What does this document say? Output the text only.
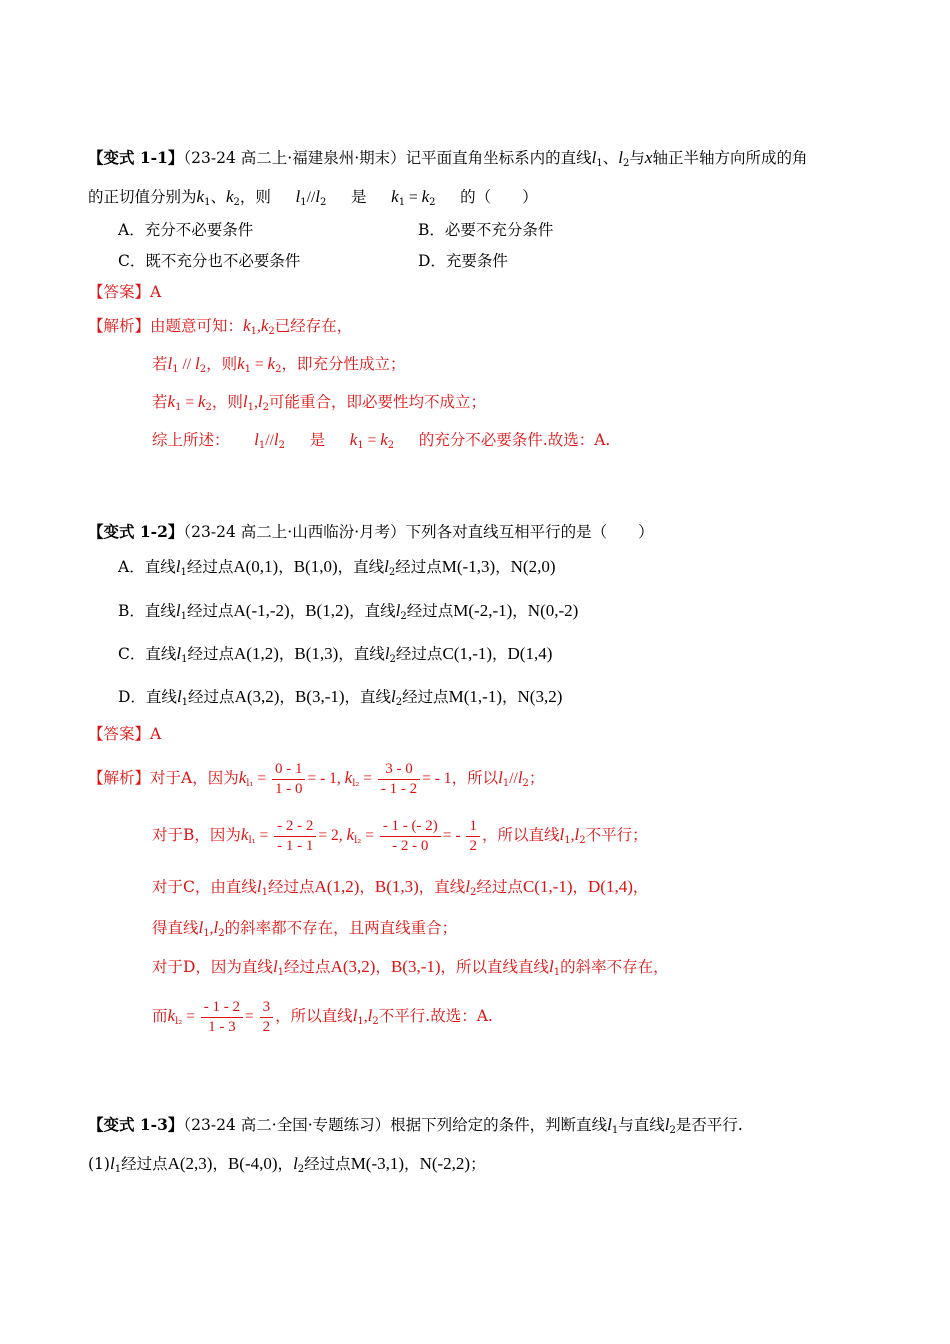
【变式 1-1】（23-24 高二上·福建泉州·期末）记平面直角坐标系内的直线$l_1$、$l_2$与x轴正半轴方向所成的角
的正切值分别为$k_1$、$k_2$，则 $l_1//l_2$ 是 $k_1 = k_2$ 的（　　）
A．充分不必要条件	B．必要不充分条件
C．既不充分也不必要条件	D．充要条件
【答案】A
【解析】由题意可知：$k_1,k_2$已经存在，
若$l_1 // l_2$，则$k_1 = k_2$，即充分性成立；
若$k_1 = k_2$，则$l_1,l_2$可能重合，即必要性均不成立；
综上所述： $l_1//l_2$ 是 $k_1 = k_2$ 的充分不必要条件.故选：A.
【变式 1-2】（23-24 高二上·山西临汾·月考）下列各对直线互相平行的是（　　）
A．直线$l_1$经过点A(0,1)，B(1,0)，直线$l_2$经过点M(-1,3)，N(2,0)
B．直线$l_1$经过点A(-1,-2)，B(1,2)，直线$l_2$经过点M(-2,-1)，N(0,-2)
C．直线$l_1$经过点A(1,2)，B(1,3)，直线$l_2$经过点C(1,-1)，D(1,4)
D．直线$l_1$经过点A(3,2)，B(3,-1)，直线$l_2$经过点M(1,-1)，N(3,2)
【答案】A
【解析】对于A，因为$k_{l_1} = \frac{0 - 1}{1 - 0}$ = - 1, $k_{l_2} = \frac{3 - 0}{- 1 - 2}$ = - 1，所以$l_1//l_2$；
对于B，因为$k_{l_1} = \frac{- 2 - 2}{- 1 - 1} = 2$, $k_{l_2} = \frac{- 1 - (- 2)}{- 2 - 0}$ = - $\frac{1}{2}$ ，所以直线$l_1,l_2$不平行；
对于C，由直线$l_1$经过点A(1,2)，B(1,3)，直线$l_2$经过点C(1,-1)，D(1,4)，
得直线$l_1,l_2$的斜率都不存在，且两直线重合；
对于D，因为直线$l_1$经过点A(3,2)，B(3,-1)，所以直线直线$l_1$的斜率不存在，
而$k_{l_2} = \frac{- 1 - 2}{1 - 3} = \frac{3}{2}$ ，所以直线$l_1,l_2$不平行.故选：A.
【变式 1-3】（23-24 高二·全国·专题练习）根据下列给定的条件，判断直线$l_1$与直线$l_2$是否平行.
$(1)l_1$经过点A(2,3)，B(-4,0)，$l_2$经过点M(-3,1)，N(-2,2)；
